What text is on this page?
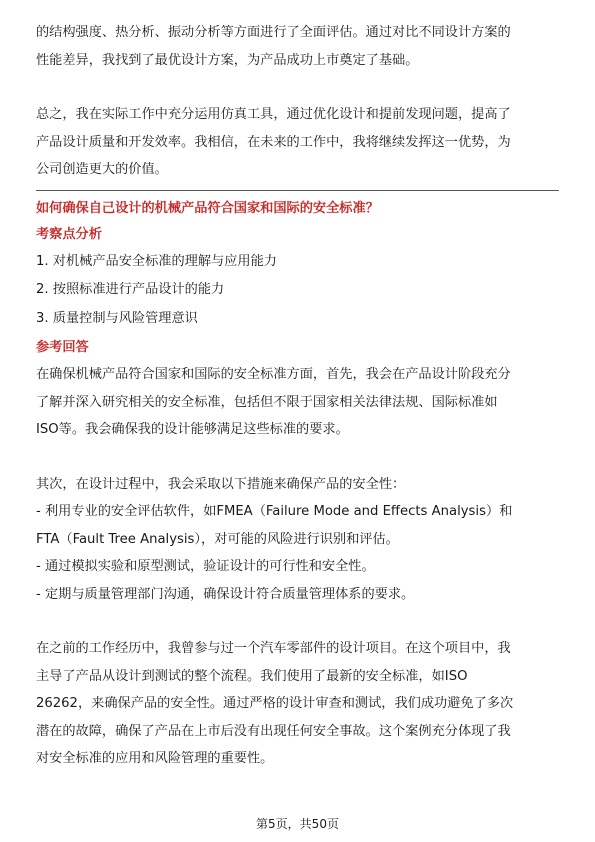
的结构强度、热分析、振动分析等方面进行了全面评估。通过对比不同设计方案的

性能差异，我找到了最优设计方案，为产品成功上市奠定了基础。

总之，我在实际工作中充分运用仿真工具，通过优化设计和提前发现问题，提高了

产品设计质量和开发效率。我相信，在未来的工作中，我将继续发挥这一优势，为

公司创造更大的价值。

如何确保自己设计的机械产品符合国家和国际的安全标准？

考察点分析

1. 对机械产品安全标准的理解与应用能力

2. 按照标准进行产品设计的能力

3. 质量控制与风险管理意识

参考回答

在确保机械产品符合国家和国际的安全标准方面，首先，我会在产品设计阶段充分

了解并深入研究相关的安全标准，包括但不限于国家相关法律法规、国际标准如

ISO等。我会确保我的设计能够满足这些标准的要求。

其次，在设计过程中，我会采取以下措施来确保产品的安全性：

- 利用专业的安全评估软件，如FMEA（Failure Mode and Effects Analysis）和

FTA（Fault Tree Analysis），对可能的风险进行识别和评估。

- 通过模拟实验和原型测试，验证设计的可行性和安全性。

- 定期与质量管理部门沟通，确保设计符合质量管理体系的要求。

在之前的工作经历中，我曾参与过一个汽车零部件的设计项目。在这个项目中，我

主导了产品从设计到测试的整个流程。我们使用了最新的安全标准，如ISO

26262，来确保产品的安全性。通过严格的设计审查和测试，我们成功避免了多次

潜在的故障，确保了产品在上市后没有出现任何安全事故。这个案例充分体现了我

对安全标准的应用和风险管理的重要性。

第5页，共50页
